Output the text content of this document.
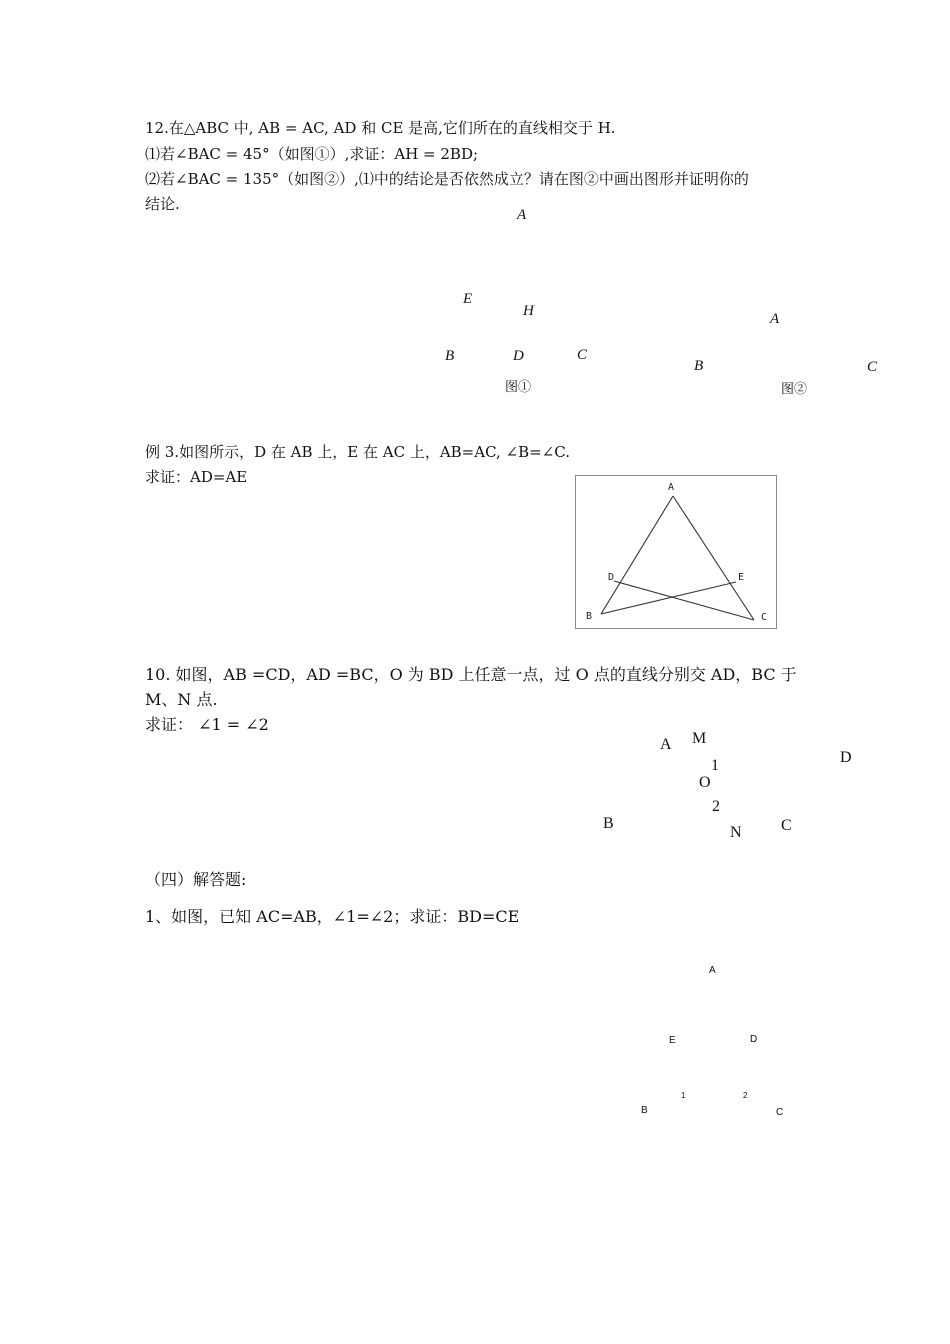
12.在△ABC 中, AB = AC, AD 和 CE 是高,它们所在的直线相交于 H.
⑴若∠BAC = 45°（如图①）,求证：AH = 2BD;
⑵若∠BAC = 135°（如图②）,⑴中的结论是否依然成立？请在图②中画出图形并证明你的
结论.
A
E
H
B	D	C
图①
A
B	C
图②
例 3.如图所示，D 在 AB 上，E 在 AC 上，AB=AC, ∠B=∠C.
求证：AD=AE
A
D	E
B	C
10. 如图，AB =CD，AD =BC，O 为 BD 上任意一点，过 O 点的直线分别交 AD，BC 于
M、N 点.
求证： ∠1 = ∠2
A M
D
1
O
2
B
N C
（四）解答题:
1、如图，已知 AC=AB，∠1=∠2；求证：BD=CE
A
E	D
1	2
B	C
